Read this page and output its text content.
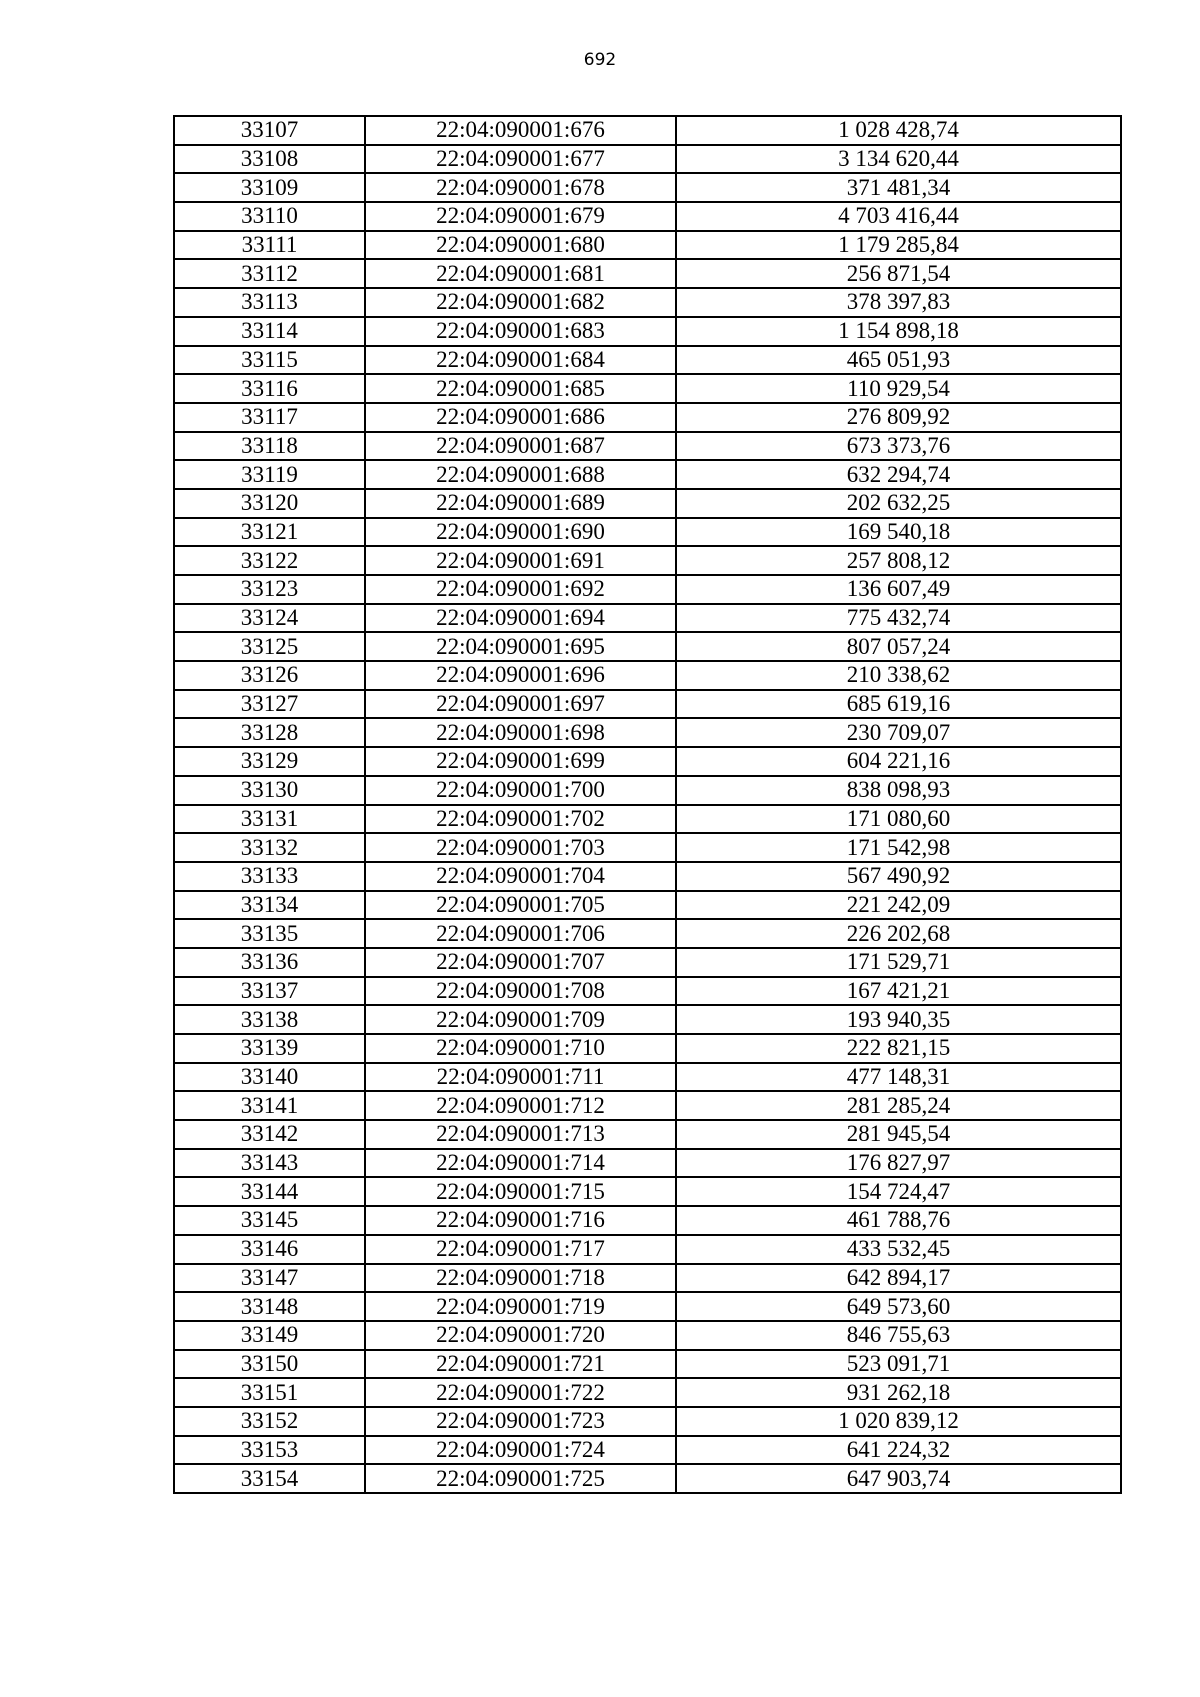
692
33107	22:04:090001:676	1 028 428,74
33108	22:04:090001:677	3 134 620,44
33109	22:04:090001:678	371 481,34
33110	22:04:090001:679	4 703 416,44
33111	22:04:090001:680	1 179 285,84
33112	22:04:090001:681	256 871,54
33113	22:04:090001:682	378 397,83
33114	22:04:090001:683	1 154 898,18
33115	22:04:090001:684	465 051,93
33116	22:04:090001:685	110 929,54
33117	22:04:090001:686	276 809,92
33118	22:04:090001:687	673 373,76
33119	22:04:090001:688	632 294,74
33120	22:04:090001:689	202 632,25
33121	22:04:090001:690	169 540,18
33122	22:04:090001:691	257 808,12
33123	22:04:090001:692	136 607,49
33124	22:04:090001:694	775 432,74
33125	22:04:090001:695	807 057,24
33126	22:04:090001:696	210 338,62
33127	22:04:090001:697	685 619,16
33128	22:04:090001:698	230 709,07
33129	22:04:090001:699	604 221,16
33130	22:04:090001:700	838 098,93
33131	22:04:090001:702	171 080,60
33132	22:04:090001:703	171 542,98
33133	22:04:090001:704	567 490,92
33134	22:04:090001:705	221 242,09
33135	22:04:090001:706	226 202,68
33136	22:04:090001:707	171 529,71
33137	22:04:090001:708	167 421,21
33138	22:04:090001:709	193 940,35
33139	22:04:090001:710	222 821,15
33140	22:04:090001:711	477 148,31
33141	22:04:090001:712	281 285,24
33142	22:04:090001:713	281 945,54
33143	22:04:090001:714	176 827,97
33144	22:04:090001:715	154 724,47
33145	22:04:090001:716	461 788,76
33146	22:04:090001:717	433 532,45
33147	22:04:090001:718	642 894,17
33148	22:04:090001:719	649 573,60
33149	22:04:090001:720	846 755,63
33150	22:04:090001:721	523 091,71
33151	22:04:090001:722	931 262,18
33152	22:04:090001:723	1 020 839,12
33153	22:04:090001:724	641 224,32
33154	22:04:090001:725	647 903,74
